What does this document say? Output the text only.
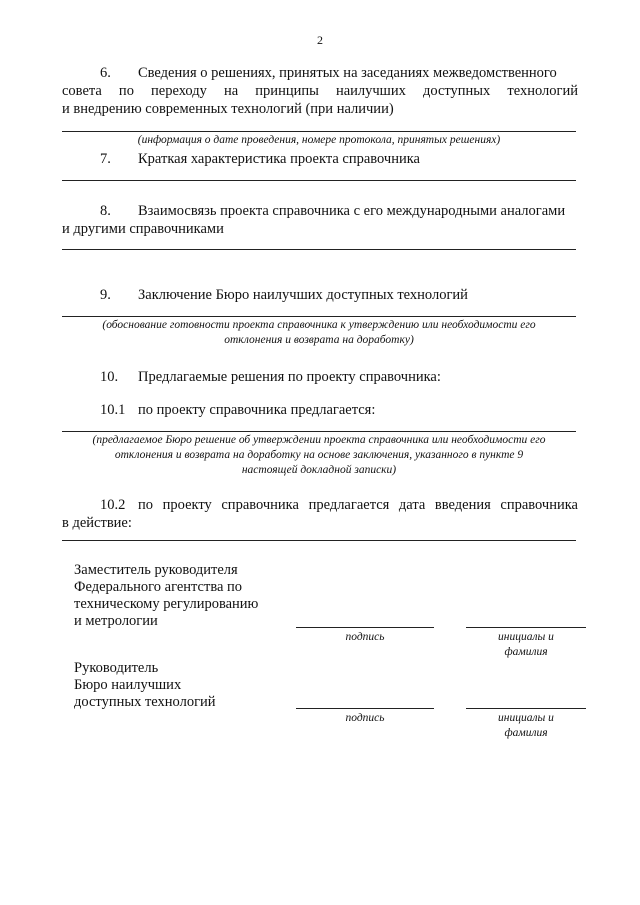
2
6. Сведения о решениях, принятых на заседаниях межведомственного
совета по переходу на принципы наилучших доступных технологий
и внедрению современных технологий (при наличии)
(информация о дате проведения, номере протокола, принятых решениях)
7. Краткая характеристика проекта справочника
8. Взаимосвязь проекта справочника с его международными аналогами
и другими справочниками
9. Заключение Бюро наилучших доступных технологий
(обоснование готовности проекта справочника к утверждению или необходимости его
отклонения и возврата на доработку)
10. Предлагаемые решения по проекту справочника:
10.1 по проекту справочника предлагается:
(предлагаемое Бюро решение об утверждении проекта справочника или необходимости его
отклонения и возврата на доработку на основе заключения, указанного в пункте 9
настоящей докладной записки)
10.2 по проекту справочника предлагается дата введения справочника
в действие:
Заместитель руководителя
Федерального агентства по
техническому регулированию
и метрологии
подпись	инициалы и
фамилия
Руководитель
Бюро наилучших
доступных технологий
подпись	инициалы и
фамилия
